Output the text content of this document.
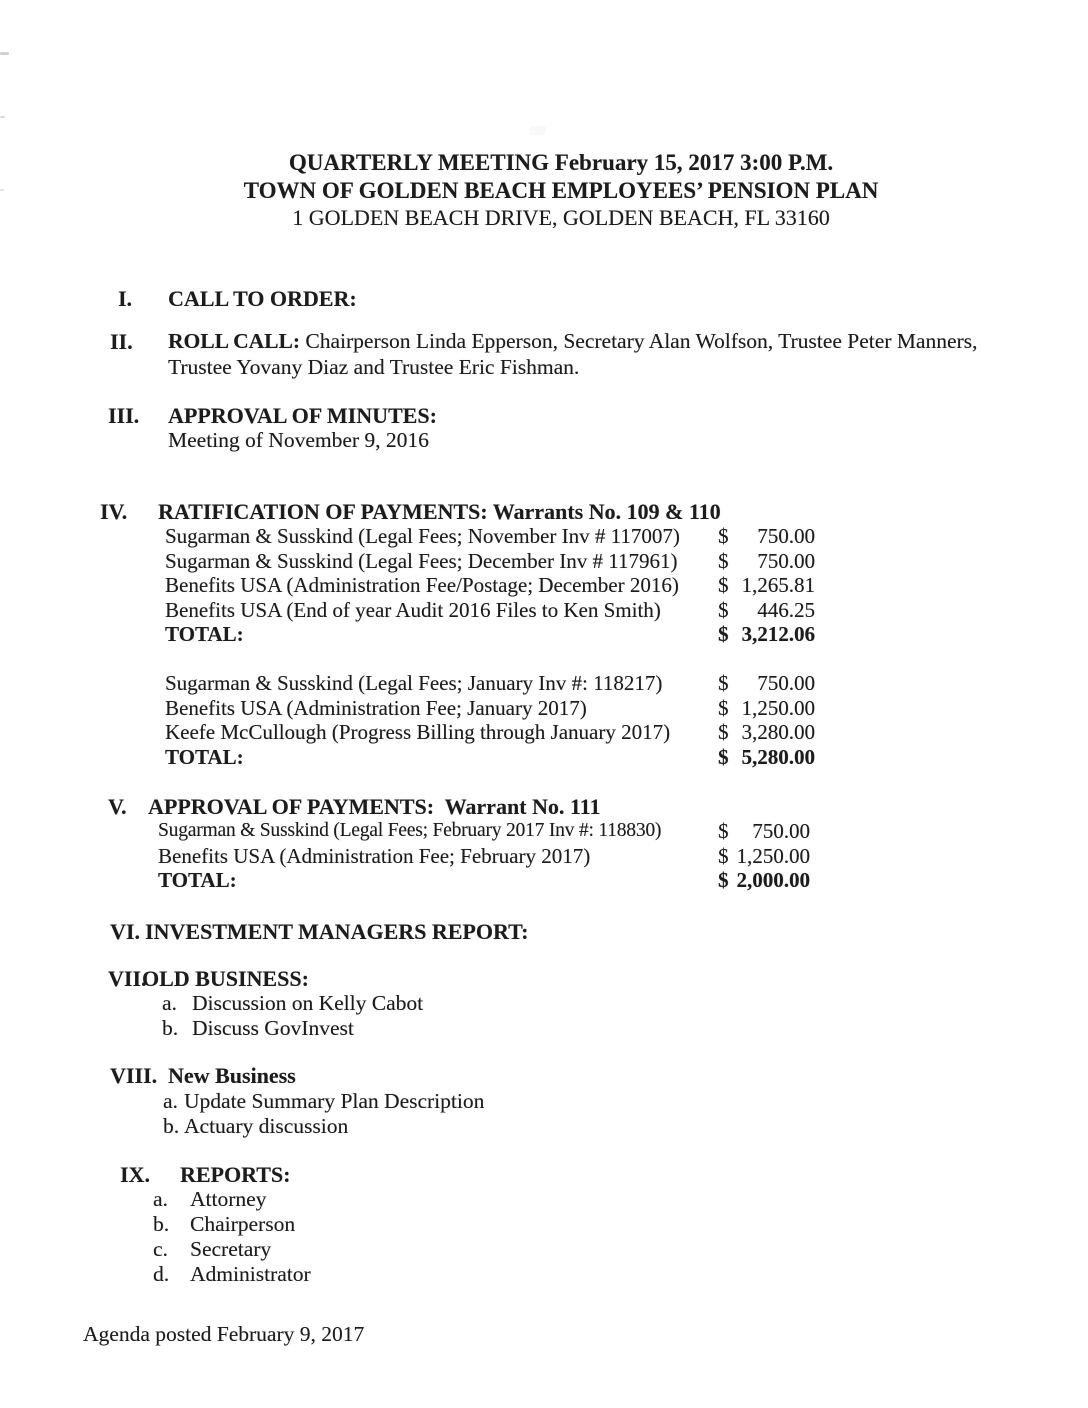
QUARTERLY MEETING February 15, 2017 3:00 P.M.
TOWN OF GOLDEN BEACH EMPLOYEES’ PENSION PLAN
1 GOLDEN BEACH DRIVE, GOLDEN BEACH, FL 33160
I. CALL TO ORDER:
II. ROLL CALL: Chairperson Linda Epperson, Secretary Alan Wolfson, Trustee Peter Manners, Trustee Yovany Diaz and Trustee Eric Fishman.
III. APPROVAL OF MINUTES:
Meeting of November 9, 2016
IV. RATIFICATION OF PAYMENTS: Warrants No. 109 & 110
Sugarman & Susskind (Legal Fees; November Inv # 117007)	$	750.00
Sugarman & Susskind (Legal Fees; December Inv # 117961)	$	750.00
Benefits USA (Administration Fee/Postage; December 2016)	$ 1,265.81
Benefits USA (End of year Audit 2016 Files to Ken Smith)	$	446.25
TOTAL:	$ 3,212.06
Sugarman & Susskind (Legal Fees; January Inv #: 118217)	$	750.00
Benefits USA (Administration Fee; January 2017)	$ 1,250.00
Keefe McCullough (Progress Billing through January 2017)	$ 3,280.00
TOTAL:	$ 5,280.00
V. APPROVAL OF PAYMENTS:  Warrant No. 111
Sugarman & Susskind (Legal Fees; February 2017 Inv #: 118830)	$	750.00
Benefits USA (Administration Fee; February 2017)	$ 1,250.00
TOTAL:	$ 2,000.00
VI. INVESTMENT MANAGERS REPORT:
VII.
OLD BUSINESS:
a. Discussion on Kelly Cabot
b. Discuss GovInvest
VIII. New Business
a. Update Summary Plan Description
b. Actuary discussion
IX. REPORTS:
a.	Attorney
b. Chairperson
c.	Secretary
d. Administrator
Agenda posted February 9, 2017
